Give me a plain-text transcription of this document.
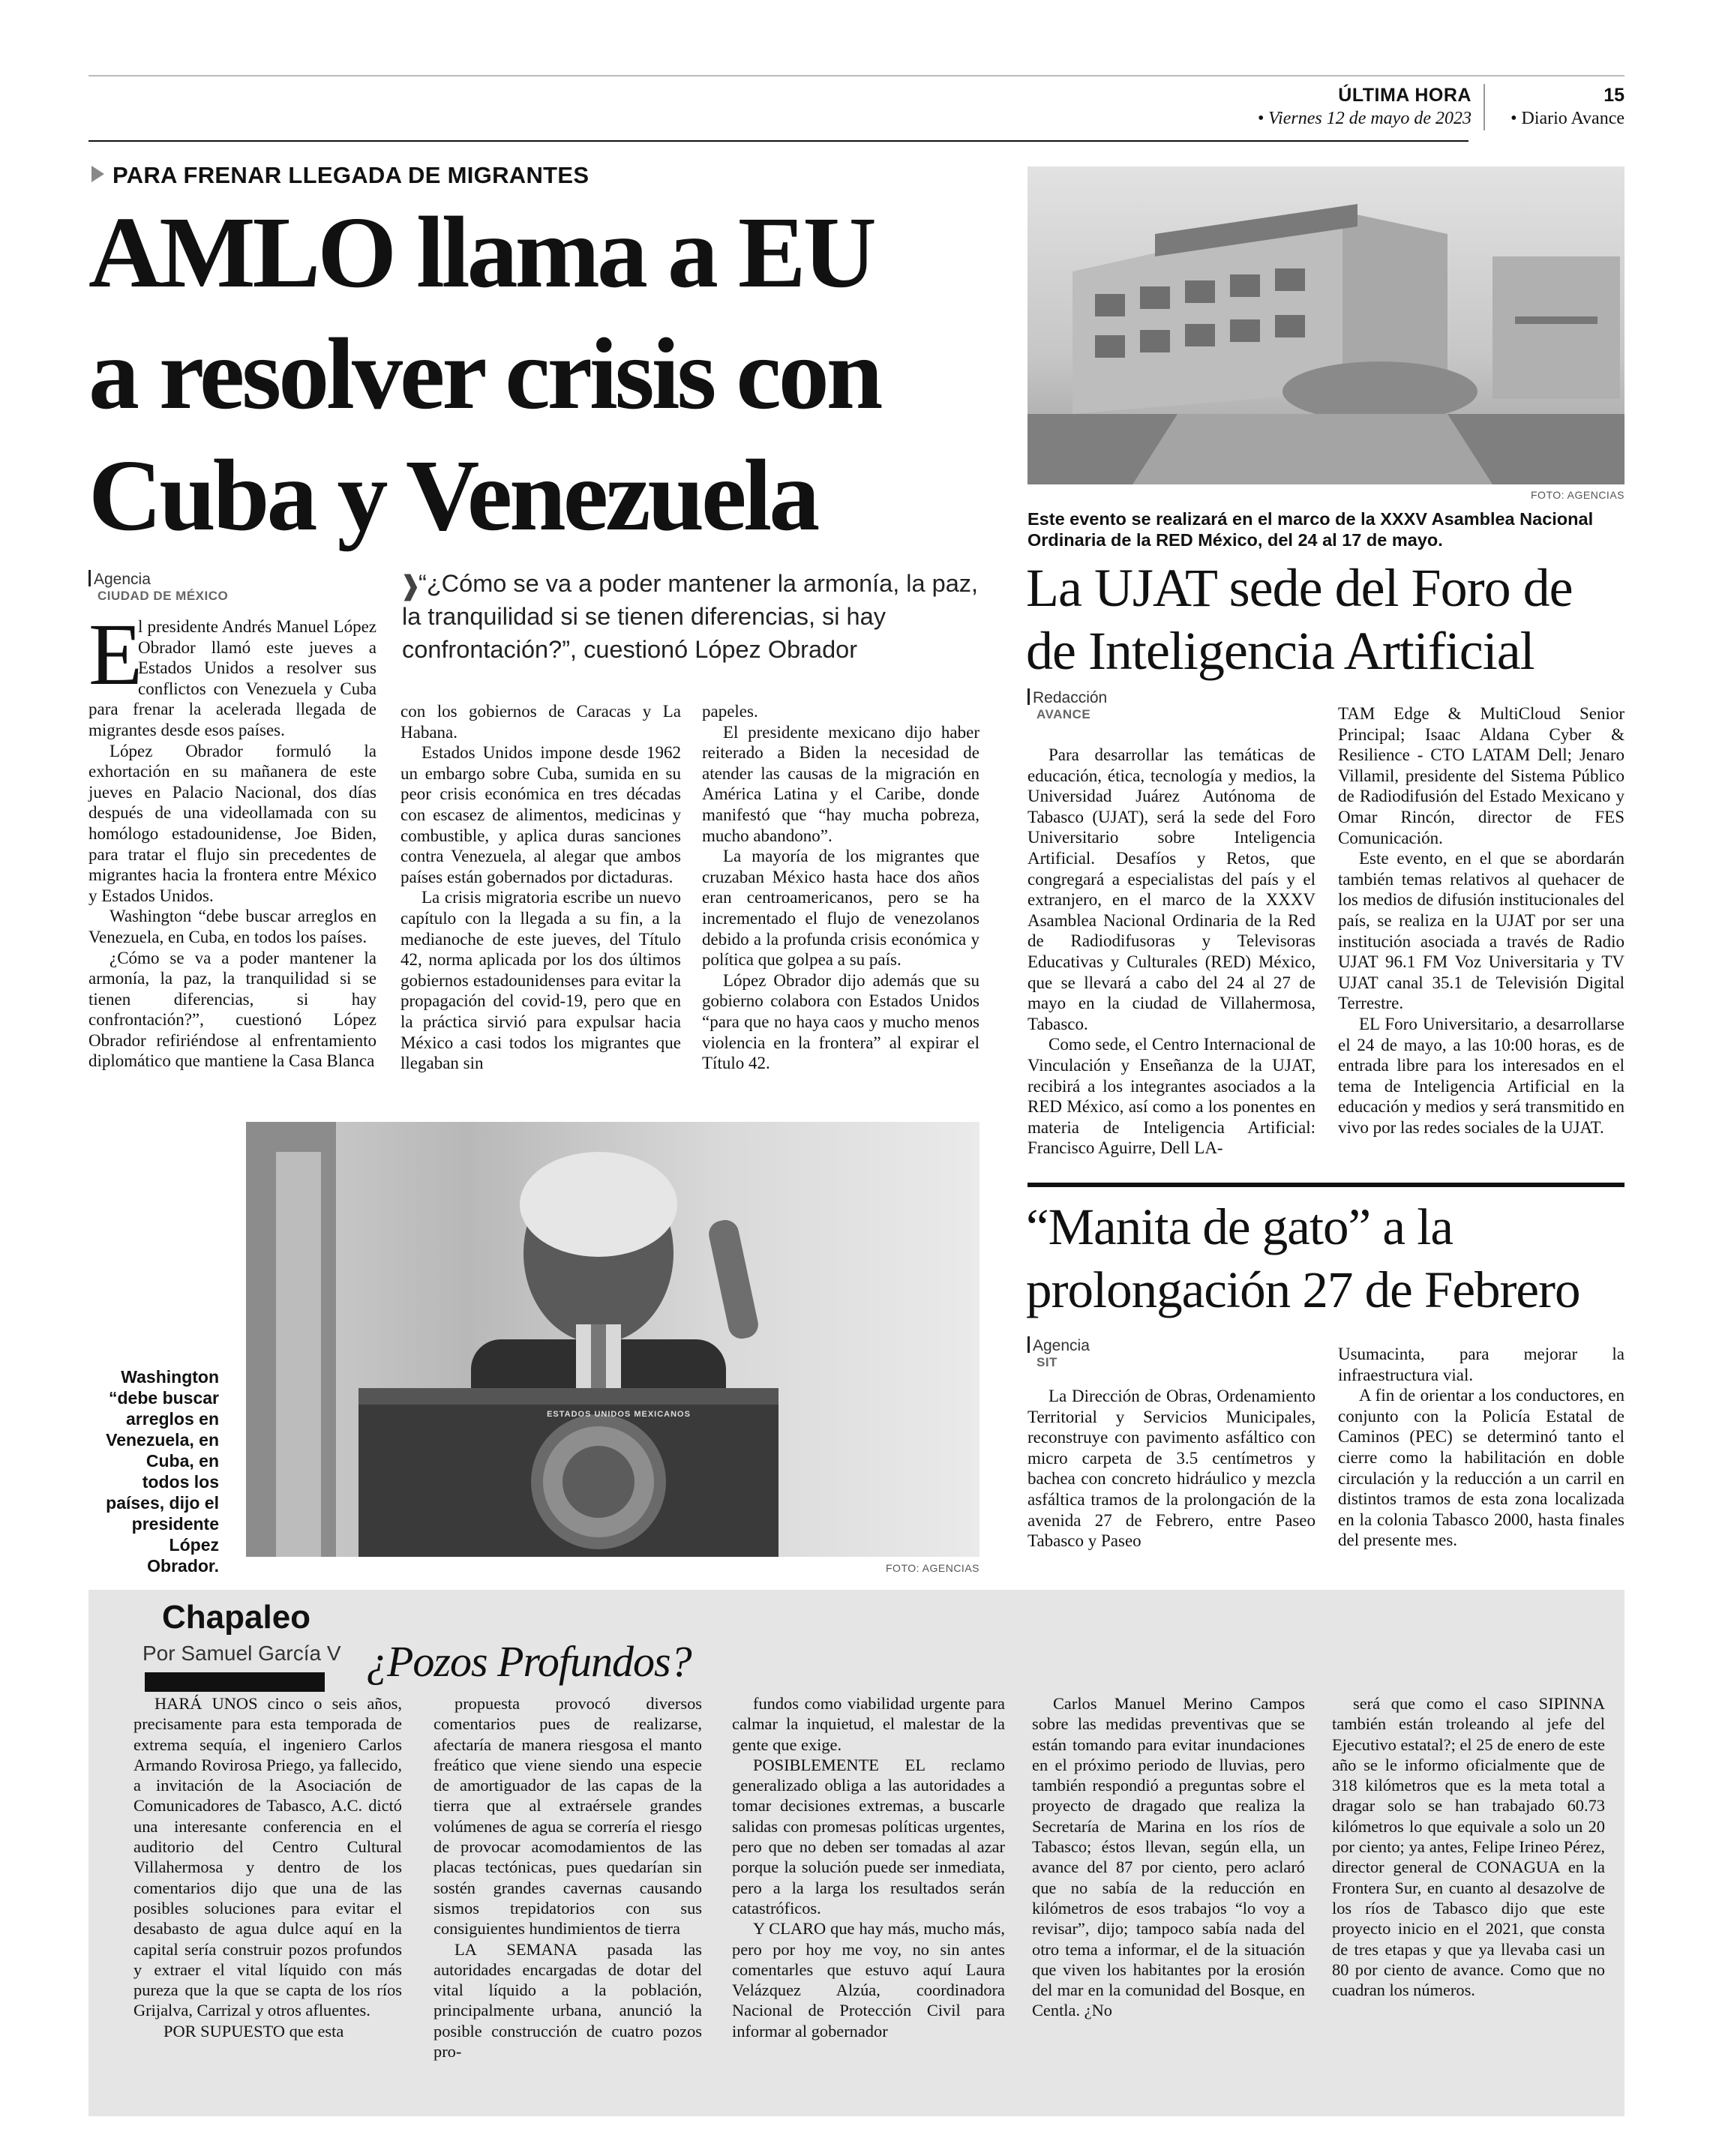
ÚLTIMA HORA
• Viernes 12 de mayo de 2023
15
• Diario Avance
PARA FRENAR LLEGADA DE MIGRANTES
AMLO llama a EU
a resolver crisis con
Cuba y Venezuela
Agencia
CIUDAD DE MÉXICO	❱
“¿Cómo se va a poder mantener la armonía, la paz, la tranquilidad si se tienen diferencias, si hay confrontación?”, cuestionó López Obrador
E

l presidente Andrés Manuel López Obrador llamó este jueves a Estados Unidos a resolver sus conflictos con Venezuela y Cuba para frenar la acelerada llegada de migrantes desde esos países.

López Obrador formuló la exhortación en su mañanera de este jueves en Palacio Nacional, dos días después de una videollamada con su homólogo estadounidense, Joe Biden, para tratar el flujo sin precedentes de migrantes hacia la frontera entre México y Estados Unidos.

Washington “debe buscar arreglos en Venezuela, en Cuba, en todos los países.

¿Cómo se va a poder mantener la armonía, la paz, la tranquilidad si se tienen diferencias, si hay confrontación?”, cuestionó López Obrador refiriéndose al enfrentamiento diplomático que mantiene la Casa Blanca

con los gobiernos de Caracas y La Habana.

Estados Unidos impone desde 1962 un embargo sobre Cuba, sumida en su peor crisis económica en tres décadas con escasez de alimentos, medicinas y combustible, y aplica duras sanciones contra Venezuela, al alegar que ambos países están gobernados por dictaduras.

La crisis migratoria escribe un nuevo capítulo con la llegada a su fin, a la medianoche de este jueves, del Título 42, norma aplicada por los dos últimos gobiernos estadounidenses para evitar la propagación del covid-19, pero que en la práctica sirvió para expulsar hacia México a casi todos los migrantes que llegaban sin

papeles.

El presidente mexicano dijo haber reiterado a Biden la necesidad de atender las causas de la migración en América Latina y el Caribe, donde manifestó que “hay mucha pobreza, mucho abandono”.

La mayoría de los migrantes que cruzaban México hasta hace dos años eran centroamericanos, pero se ha incrementado el flujo de venezolanos debido a la profunda crisis económica y política que golpea a su país.

López Obrador dijo además que su gobierno colabora con Estados Unidos “para que no haya caos y mucho menos violencia en la frontera” al expirar el Título 42.

ESTADOS UNIDOS MEXICANOS
FOTO: AGENCIAS
Washington “debe buscar arreglos en Venezuela, en Cuba, en todos los países, dijo el presidente López Obrador.
FOTO: AGENCIAS
Este evento se realizará en el marco de la XXXV Asamblea Nacional Ordinaria de la RED México, del 24 al 17 de mayo.
La UJAT sede del Foro de
de Inteligencia Artificial
Redacción
AVANCE

Para desarrollar las temáticas de educación, ética, tecnología y medios, la Universidad Juárez Autónoma de Tabasco (UJAT), será la sede del Foro Universitario sobre Inteligencia Artificial. Desafíos y Retos, que congregará a especialistas del país y el extranjero, en el marco de la XXXV Asamblea Nacional Ordinaria de la Red de Radiodifusoras y Televisoras Educativas y Culturales (RED) México, que se llevará a cabo del 24 al 27 de mayo en la ciudad de Villahermosa, Tabasco.

Como sede, el Centro Internacional de Vinculación y Enseñanza de la UJAT, recibirá a los integrantes asociados a la RED México, así como a los ponentes en materia de Inteligencia Artificial: Francisco Aguirre, Dell LA-

TAM Edge & MultiCloud Senior Principal; Isaac Aldana Cyber & Resilience - CTO LATAM Dell; Jenaro Villamil, presidente del Sistema Público de Radiodifusión del Estado Mexicano y Omar Rincón, director de FES Comunicación.

Este evento, en el que se abordarán también temas relativos al quehacer de los medios de difusión institucionales del país, se realiza en la UJAT por ser una institución asociada a través de Radio UJAT 96.1 FM Voz Universitaria y TV UJAT canal 35.1 de Televisión Digital Terrestre.

EL Foro Universitario, a desarrollarse el 24 de mayo, a las 10:00 horas, es de entrada libre para los interesados en el tema de Inteligencia Artificial en la educación y medios y será transmitido en vivo por las redes sociales de la UJAT.

“Manita de gato” a la
prolongación 27 de Febrero
Agencia
SIT

La Dirección de Obras, Ordenamiento Territorial y Servicios Municipales, reconstruye con pavimento asfáltico con micro carpeta de 3.5 centímetros y bachea con concreto hidráulico y mezcla asfáltica tramos de la prolongación de la avenida 27 de Febrero, entre Paseo Tabasco y Paseo

Usumacinta, para mejorar la infraestructura vial.

A fin de orientar a los conductores, en conjunto con la Policía Estatal de Caminos (PEC) se determinó tanto el cierre como la habilitación en doble circulación y la reducción a un carril en distintos tramos de esta zona localizada en la colonia Tabasco 2000, hasta finales del presente mes.

Chapaleo
Por Samuel García V ¿Pozos Profundos?

HARÁ UNOS cinco o seis años, precisamente para esta temporada de extrema sequía, el ingeniero Carlos Armando Rovirosa Priego, ya fallecido, a invitación de la Asociación de Comunicadores de Tabasco, A.C. dictó una interesante conferencia en el auditorio del Centro Cultural Villahermosa y dentro de los comentarios dijo que una de las posibles soluciones para evitar el desabasto de agua dulce aquí en la capital sería construir pozos profundos y extraer el vital líquido con más pureza que la que se capta de los ríos Grijalva, Carrizal y otros afluentes.

POR SUPUESTO que esta

propuesta provocó diversos comentarios pues de realizarse, afectaría de manera riesgosa el manto freático que viene siendo una especie de amortiguador de las capas de la tierra que al extraérsele grandes volúmenes de agua se correría el riesgo de provocar acomodamientos de las placas tectónicas, pues quedarían sin sostén grandes cavernas causando sismos trepidatorios con sus consiguientes hundimientos de tierra

LA SEMANA pasada las autoridades encargadas de dotar del vital líquido a la población, principalmente urbana, anunció la posible construcción de cuatro pozos pro-

fundos como viabilidad urgente para calmar la inquietud, el malestar de la gente que exige.

POSIBLEMENTE EL reclamo generalizado obliga a las autoridades a tomar decisiones extremas, a buscarle salidas con promesas políticas urgentes, pero que no deben ser tomadas al azar porque la solución puede ser inmediata, pero a la larga los resultados serán catastróficos.

Y CLARO que hay más, mucho más, pero por hoy me voy, no sin antes comentarles que estuvo aquí Laura Velázquez Alzúa, coordinadora Nacional de Protección Civil para informar al gobernador

Carlos Manuel Merino Campos sobre las medidas preventivas que se están tomando para evitar inundaciones en el próximo periodo de lluvias, pero también respondió a preguntas sobre el proyecto de dragado que realiza la Secretaría de Marina en los ríos de Tabasco; éstos llevan, según ella, un avance del 87 por ciento, pero aclaró que no sabía de la reducción en kilómetros de esos trabajos “lo voy a revisar”, dijo; tampoco sabía nada del otro tema a informar, el de la situación que viven los habitantes por la erosión del mar en la comunidad del Bosque, en Centla. ¿No

será que como el caso SIPINNA también están troleando al jefe del Ejecutivo estatal?; el 25 de enero de este año se le informo oficialmente que de 318 kilómetros que es la meta total a dragar solo se han trabajado 60.73 kilómetros lo que equivale a solo un 20 por ciento; ya antes, Felipe Irineo Pérez, director general de CONAGUA en la Frontera Sur, en cuanto al desazolve de los ríos de Tabasco dijo que este proyecto inicio en el 2021, que consta de tres etapas y que ya llevaba casi un 80 por ciento de avance. Como que no cuadran los números.
